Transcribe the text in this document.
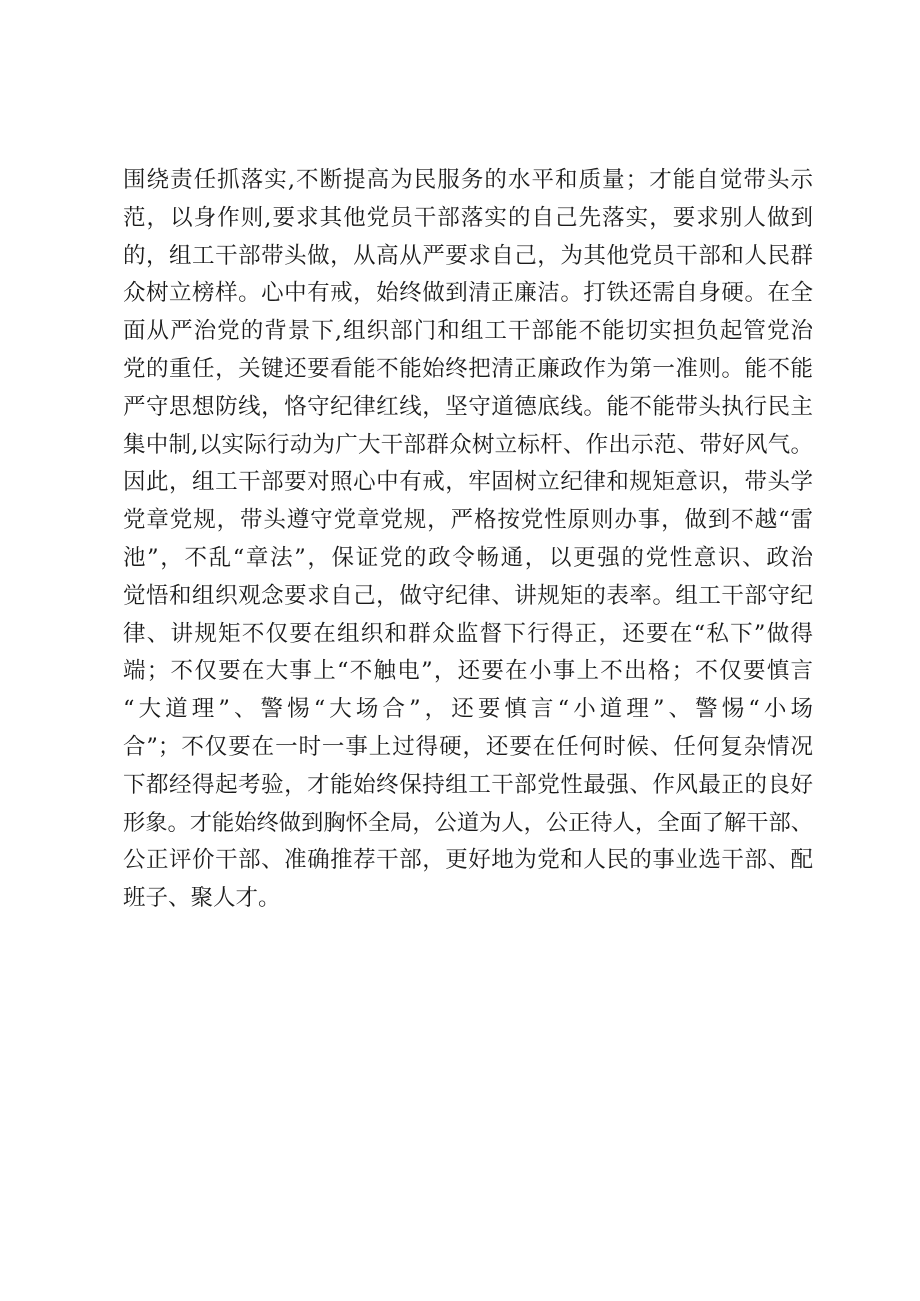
围绕责任抓落实,不断提高为民服务的水平和质量；才能自觉带头示
范，以身作则,要求其他党员干部落实的自己先落实，要求别人做到
的，组工干部带头做，从高从严要求自己，为其他党员干部和人民群
众树立榜样。心中有戒，始终做到清正廉洁。打铁还需自身硬。在全
面从严治党的背景下,组织部门和组工干部能不能切实担负起管党治
党的重任，关键还要看能不能始终把清正廉政作为第一准则。能不能
严守思想防线，恪守纪律红线，坚守道德底线。能不能带头执行民主
集中制,以实际行动为广大干部群众树立标杆、作出示范、带好风气。
因此，组工干部要对照心中有戒，牢固树立纪律和规矩意识，带头学
党章党规，带头遵守党章党规，严格按党性原则办事，做到不越“雷
池”，不乱“章法”，保证党的政令畅通，以更强的党性意识、政治
觉悟和组织观念要求自己，做守纪律、讲规矩的表率。组工干部守纪
律、讲规矩不仅要在组织和群众监督下行得正，还要在“私下”做得
端；不仅要在大事上“不触电”，还要在小事上不出格；不仅要慎言
“大道理”、警惕“大场合”，还要慎言“小道理”、警惕“小场
合”；不仅要在一时一事上过得硬，还要在任何时候、任何复杂情况
下都经得起考验，才能始终保持组工干部党性最强、作风最正的良好
形象。才能始终做到胸怀全局，公道为人，公正待人，全面了解干部、
公正评价干部、准确推荐干部，更好地为党和人民的事业选干部、配
班子、聚人才。
